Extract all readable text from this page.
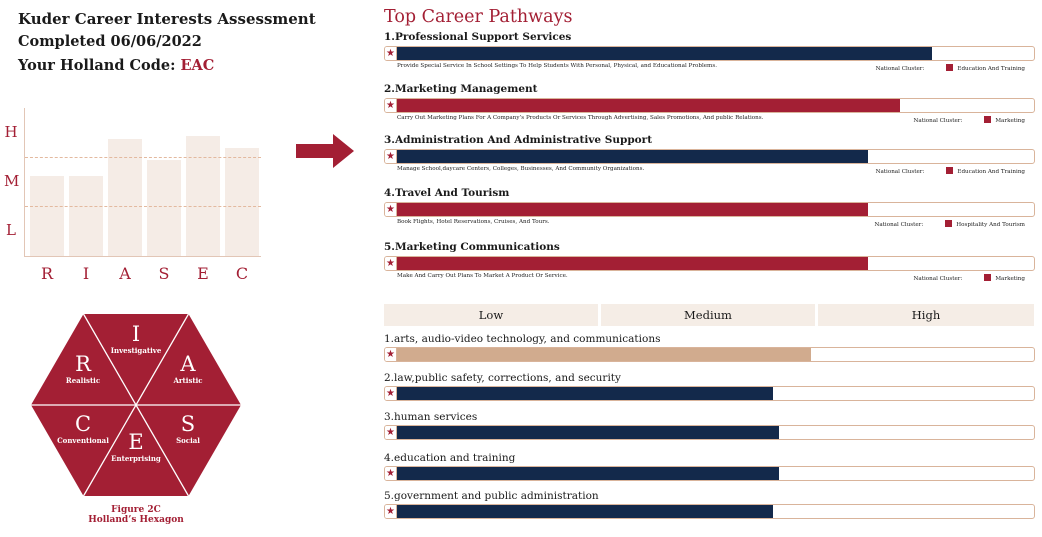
Kuder Career Interests Assessment
Completed 06/06/2022
Your Holland Code: EAC
H
M
L
R	I	A	S	E	C
I
Investigative
A
Artistic
S
Social
E
Enterprising
C
Conventional
R
Realistic
Figure 2C
Holland’s Hexagon
Top Career Pathways
1.Professional Support Services
★
Provide Special Service In School Settings To Help Students With Personal, Physical, and Educational Problems.	National Cluster:	Education And Training
2.Marketing Management
★
Carry Out Marketing Plans For A Company’s Products Or Services Through Advertising, Sales Promotions, And public Relations.	National Cluster:	Marketing
3.Administration And Administrative Support
★
Manage School,daycare Centers, Colleges, Businesses, And Community Organizations.	National Cluster:	Education And Training
4.Travel And Tourism
★
Book Flights, Hotel Reservations, Cruises, And Tours.	National Cluster:	Hospitality And Tourism
5.Marketing Communications
★
Make And Carry Out Plans To Market A Product Or Service.	National Cluster:	Marketing
Low	Medium	High
1.arts, audio-video technology, and communications
★
2.law,public safety, corrections, and security
★
3.human services
★
4.education and training
★
5.government and public administration
★
